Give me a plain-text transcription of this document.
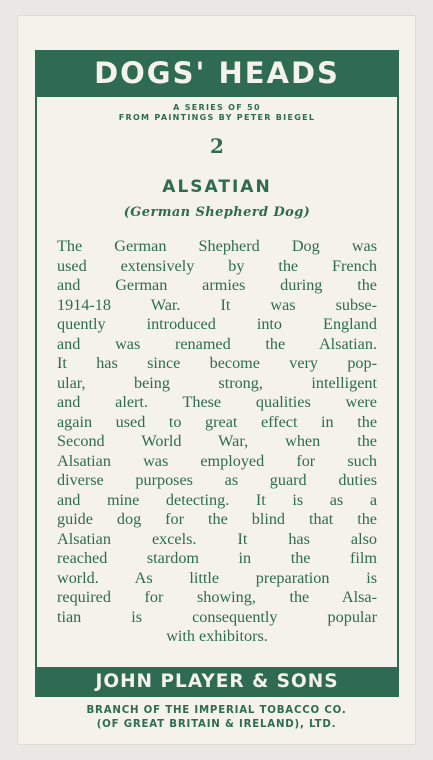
DOGS' HEADS
A SERIES OF 50
FROM PAINTINGS BY PETER BIEGEL
2
ALSATIAN
(German Shepherd Dog)
The German Shepherd Dog was
used extensively by the French
and German armies during the
1914-18 War. It was subse-
quently introduced into England
and was renamed the Alsatian.
It has since become very pop-
ular, being strong, intelligent
and alert. These qualities were
again used to great effect in the
Second World War, when the
Alsatian was employed for such
diverse purposes as guard duties
and mine detecting. It is as a
guide dog for the blind that the
Alsatian excels. It has also
reached stardom in the film
world. As little preparation is
required for showing, the Alsa-
tian is consequently popular
with exhibitors.
JOHN PLAYER & SONS
BRANCH OF THE IMPERIAL TOBACCO CO.
(OF GREAT BRITAIN & IRELAND), LTD.
